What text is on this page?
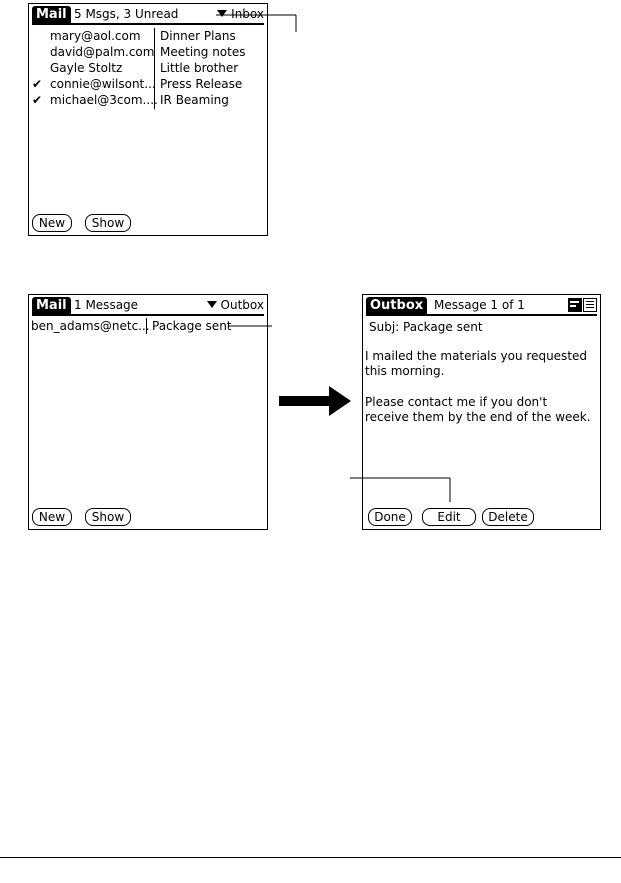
Mail 5 Msgs, 3 Unread	Inbox
mary@aol.com Dinner Plans
david@palm.com Meeting notes
Gayle Stoltz	Little brother
✔ connie@wilsont... Press Release
✔ michael@3com.... IR Beaming
New	Show
Mail 1 Message	Outbox
ben_adams@netc... Package sent
New	Show
Outbox Message 1 of 1
Subj: Package sent

I mailed the materials you requested this morning.

Please contact me if you don't receive them by the end of the week.

Done	Edit	Delete
